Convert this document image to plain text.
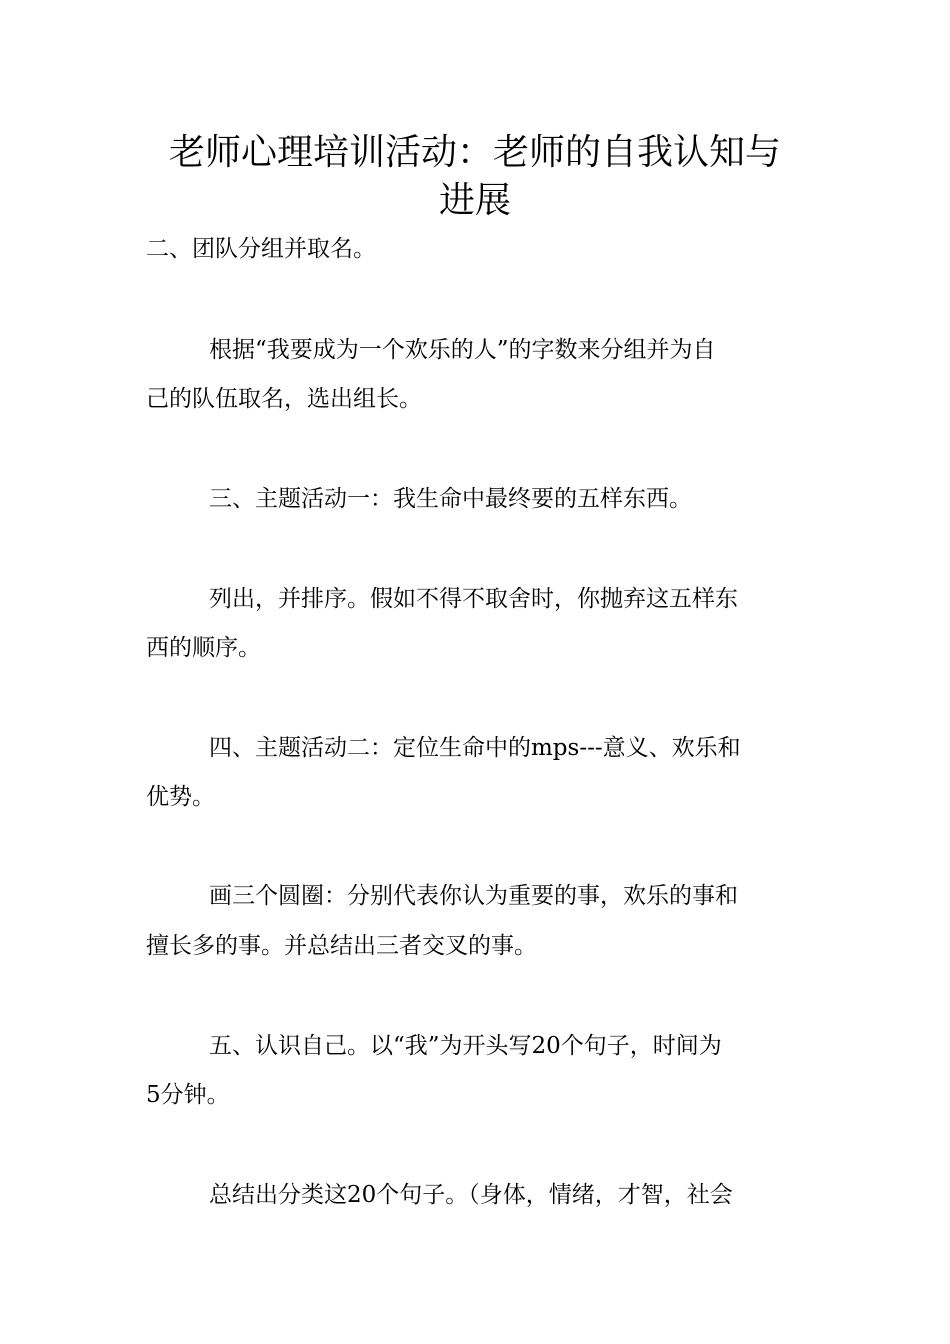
老师心理培训活动：老师的自我认知与
进展

二、团队分组并取名。

根据“我要成为一个欢乐的人”的字数来分组并为自

己的队伍取名，选出组长。

三、主题活动一：我生命中最终要的五样东西。

列出，并排序。假如不得不取舍时，你抛弃这五样东

西的顺序。

四、主题活动二：定位生命中的mps---意义、欢乐和

优势。

画三个圆圈：分别代表你认为重要的事，欢乐的事和

擅长多的事。并总结出三者交叉的事。

五、认识自己。以“我”为开头写20个句子，时间为

5分钟。

总结出分类这20个句子。（身体，情绪，才智，社会
